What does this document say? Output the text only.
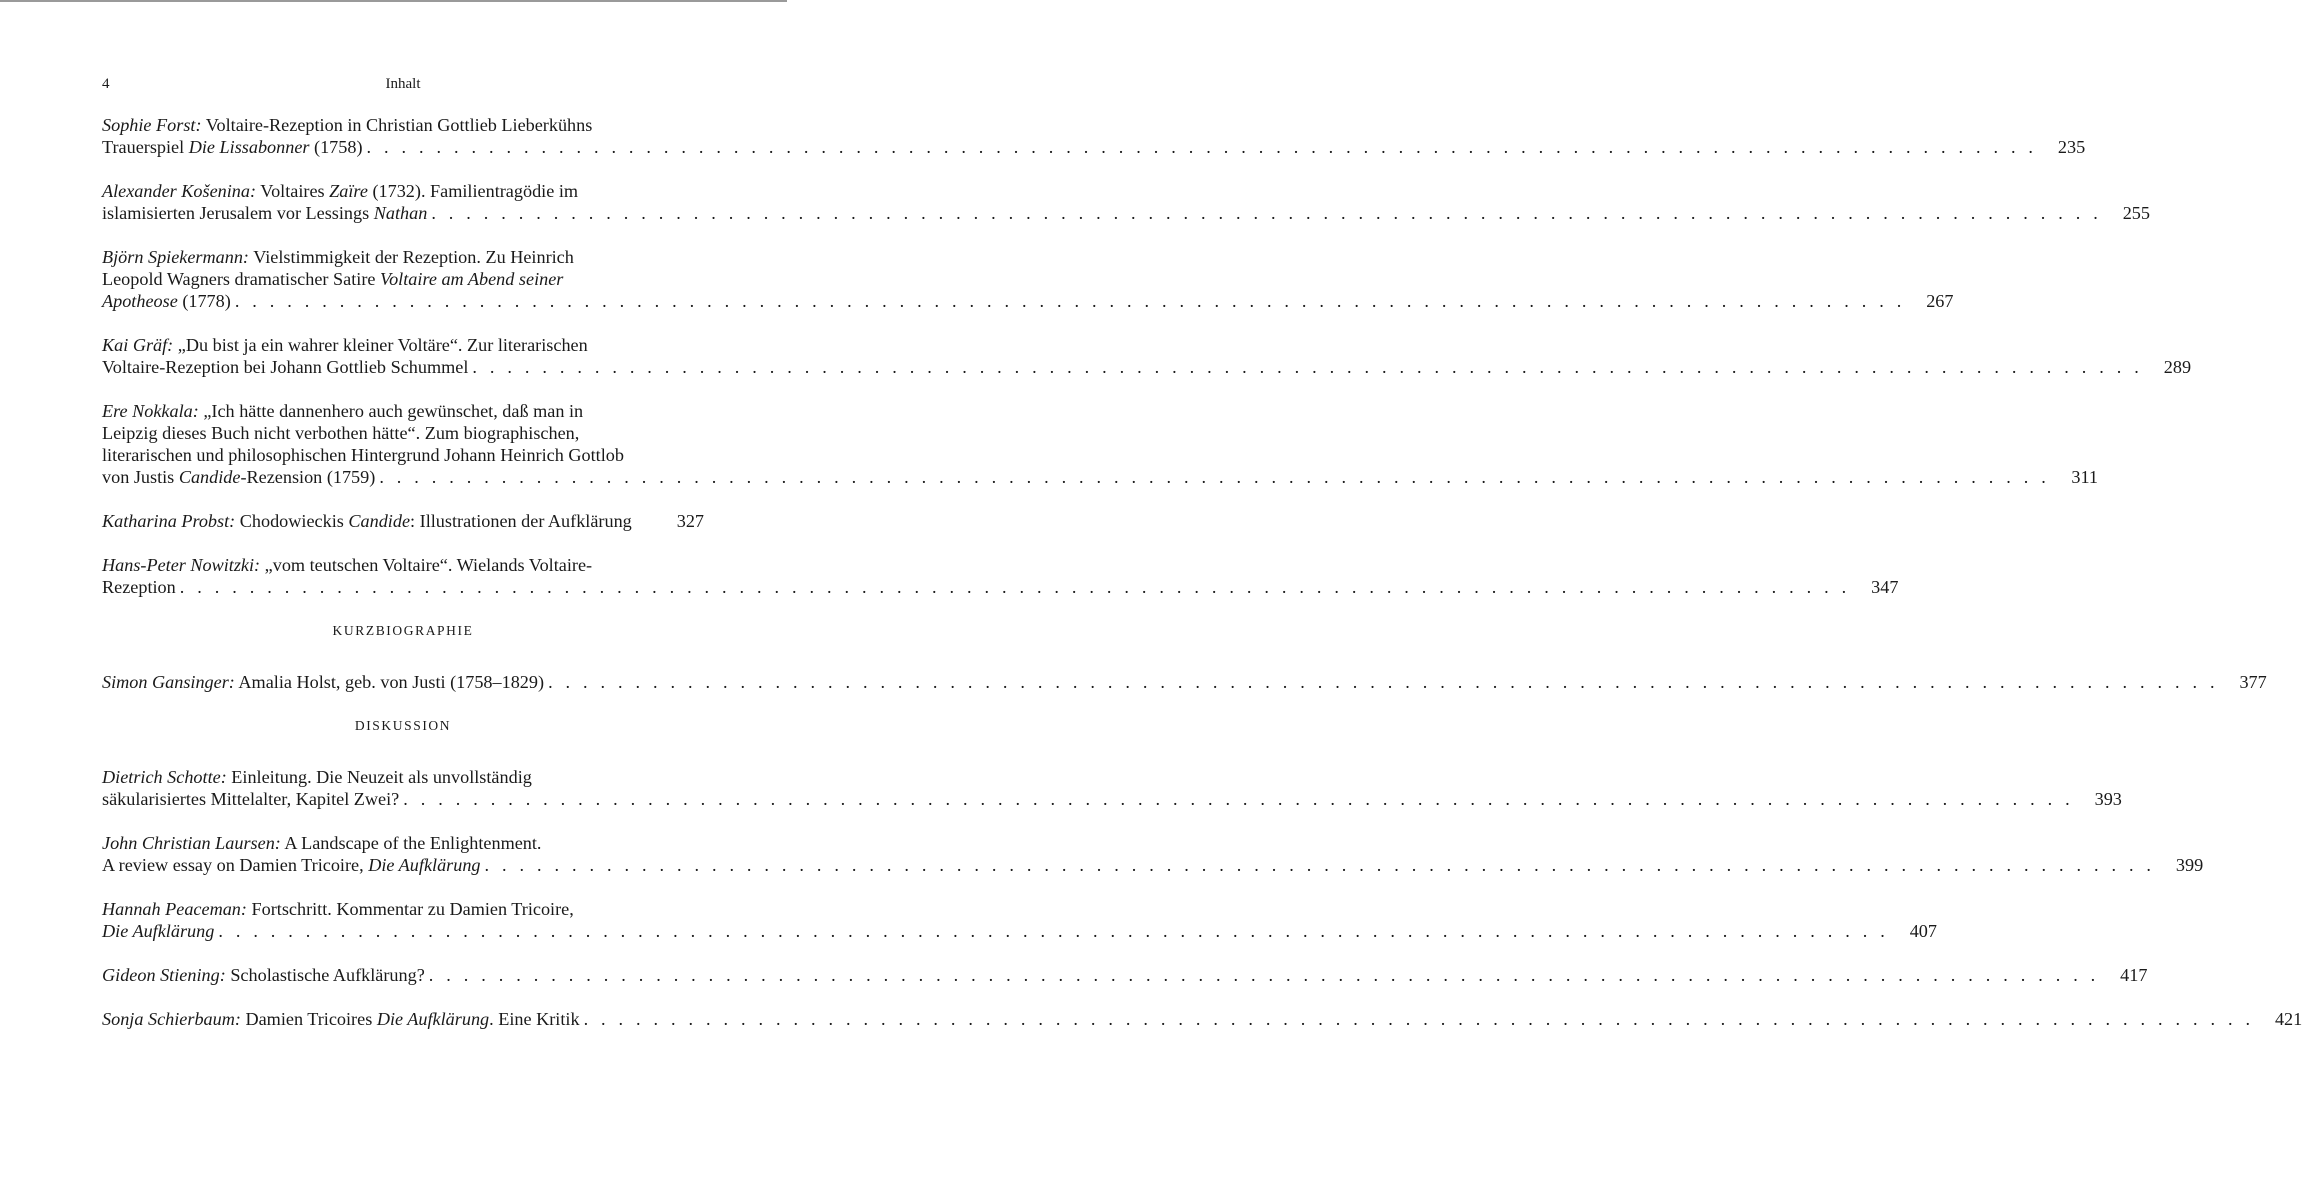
4	Inhalt
Sophie Forst: Voltaire-Rezeption in Christian Gottlieb Lieberkühns
Trauerspiel Die Lissabonner (1758) . . . . . . . . . . . . . . . . . . . . . . . . . . . . . . . . . . . . . . . . . . . . . . . . . . . . . . . . . . . . . . . . . . . . . . . . . . . . . . . . . . . . . . . . . . . . . . . .	235
Alexander Košenina: Voltaires Zaïre (1732). Familientragödie im
islamisierten Jerusalem vor Lessings Nathan . . . . . . . . . . . . . . . . . . . . . . . . . . . . . . . . . . . . . . . . . . . . . . . . . . . . . . . . . . . . . . . . . . . . . . . . . . . . . . . . . . . . . . . . . . . . . . . .	255
Björn Spiekermann: Vielstimmigkeit der Rezeption. Zu Heinrich
Leopold Wagners dramatischer Satire Voltaire am Abend seiner
Apotheose (1778) . . . . . . . . . . . . . . . . . . . . . . . . . . . . . . . . . . . . . . . . . . . . . . . . . . . . . . . . . . . . . . . . . . . . . . . . . . . . . . . . . . . . . . . . . . . . . . . .	267
Kai Gräf: „Du bist ja ein wahrer kleiner Voltäre“. Zur literarischen
Voltaire-Rezeption bei Johann Gottlieb Schummel . . . . . . . . . . . . . . . . . . . . . . . . . . . . . . . . . . . . . . . . . . . . . . . . . . . . . . . . . . . . . . . . . . . . . . . . . . . . . . . . . . . . . . . . . . . . . . . .	289
Ere Nokkala: „Ich hätte dannenhero auch gewünschet, daß man in
Leipzig dieses Buch nicht verbothen hätte“. Zum biographischen,
literarischen und philosophischen Hintergrund Johann Heinrich Gottlob
von Justis Candide-Rezension (1759) . . . . . . . . . . . . . . . . . . . . . . . . . . . . . . . . . . . . . . . . . . . . . . . . . . . . . . . . . . . . . . . . . . . . . . . . . . . . . . . . . . . . . . . . . . . . . . . .	311
Katharina Probst: Chodowieckis Candide: Illustrationen der Aufklärung	327
Hans-Peter Nowitzki: „vom teutschen Voltaire“. Wielands Voltaire-
Rezeption . . . . . . . . . . . . . . . . . . . . . . . . . . . . . . . . . . . . . . . . . . . . . . . . . . . . . . . . . . . . . . . . . . . . . . . . . . . . . . . . . . . . . . . . . . . . . . . .	347
KURZBIOGRAPHIE
Simon Gansinger: Amalia Holst, geb. von Justi (1758–1829) . . . . . . . . . . . . . . . . . . . . . . . . . . . . . . . . . . . . . . . . . . . . . . . . . . . . . . . . . . . . . . . . . . . . . . . . . . . . . . . . . . . . . . . . . . . . . . . .	377
DISKUSSION
Dietrich Schotte: Einleitung. Die Neuzeit als unvollständig
säkularisiertes Mittelalter, Kapitel Zwei? . . . . . . . . . . . . . . . . . . . . . . . . . . . . . . . . . . . . . . . . . . . . . . . . . . . . . . . . . . . . . . . . . . . . . . . . . . . . . . . . . . . . . . . . . . . . . . . .	393
John Christian Laursen: A Landscape of the Enlightenment.
A review essay on Damien Tricoire, Die Aufklärung . . . . . . . . . . . . . . . . . . . . . . . . . . . . . . . . . . . . . . . . . . . . . . . . . . . . . . . . . . . . . . . . . . . . . . . . . . . . . . . . . . . . . . . . . . . . . . . .	399
Hannah Peaceman: Fortschritt. Kommentar zu Damien Tricoire,
Die Aufklärung . . . . . . . . . . . . . . . . . . . . . . . . . . . . . . . . . . . . . . . . . . . . . . . . . . . . . . . . . . . . . . . . . . . . . . . . . . . . . . . . . . . . . . . . . . . . . . . .	407
Gideon Stiening: Scholastische Aufklärung? . . . . . . . . . . . . . . . . . . . . . . . . . . . . . . . . . . . . . . . . . . . . . . . . . . . . . . . . . . . . . . . . . . . . . . . . . . . . . . . . . . . . . . . . . . . . . . . .	417
Sonja Schierbaum: Damien Tricoires Die Aufklärung. Eine Kritik . . . . . . . . . . . . . . . . . . . . . . . . . . . . . . . . . . . . . . . . . . . . . . . . . . . . . . . . . . . . . . . . . . . . . . . . . . . . . . . . . . . . . . . . . . . . . . . .	421
